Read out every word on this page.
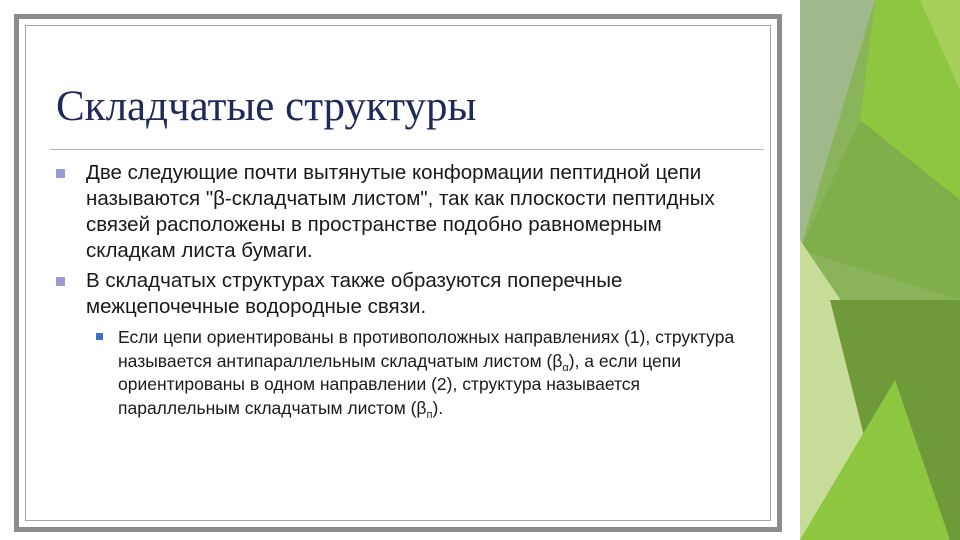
Складчатые структуры
Две следующие почти вытянутые конформации пептидной цепи называются "β-складчатым листом", так как плоскости пептидных связей расположены в пространстве подобно равномерным складкам листа бумаги.
В складчатых структурах также образуются поперечные межцепочечные водородные связи.
Если цепи ориентированы в противоположных направлениях (1), структура называется антипараллельным складчатым листом $(\beta_\alpha)$, а если цепи ориентированы в одном направлении (2), структура называется параллельным складчатым листом $(\beta_п)$.
